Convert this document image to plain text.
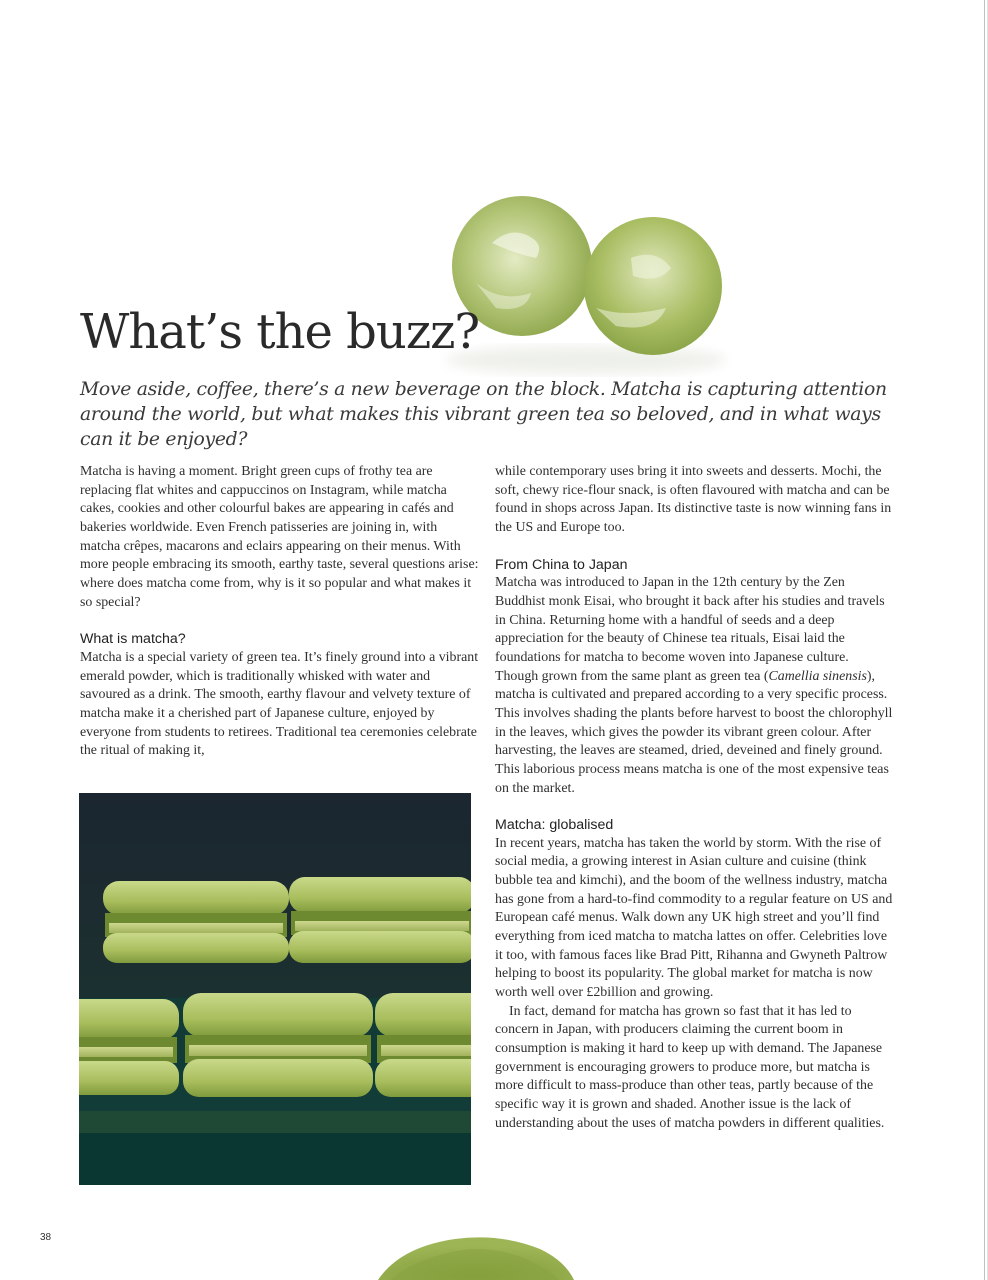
What’s the buzz?

Move aside, coffee, there’s a new beverage on the block. Matcha is capturing attention around the world, but what makes this vibrant green tea so beloved, and in what ways can it be enjoyed?

Matcha is having a moment. Bright green cups of frothy tea are replacing flat whites and cappuccinos on Instagram, while matcha cakes, cookies and other colourful bakes are appearing in cafés and bakeries worldwide. Even French patisseries are joining in, with matcha crêpes, macarons and eclairs appearing on their menus. With more people embracing its smooth, earthy taste, several questions arise: where does matcha come from, why is it so popular and what makes it so special?

What is matcha?

Matcha is a special variety of green tea. It’s finely ground into a vibrant emerald powder, which is traditionally whisked with water and savoured as a drink. The smooth, earthy flavour and velvety texture of matcha make it a cherished part of Japanese culture, enjoyed by everyone from students to retirees. Traditional tea ceremonies celebrate the ritual of making it,

while contemporary uses bring it into sweets and desserts. Mochi, the soft, chewy rice-flour snack, is often flavoured with matcha and can be found in shops across Japan. Its distinctive taste is now winning fans in the US and Europe too.

From China to Japan

Matcha was introduced to Japan in the 12th century by the Zen Buddhist monk Eisai, who brought it back after his studies and travels in China. Returning home with a handful of seeds and a deep appreciation for the beauty of Chinese tea rituals, Eisai laid the foundations for matcha to become woven into Japanese culture. Though grown from the same plant as green tea (Camellia sinensis), matcha is cultivated and prepared according to a very specific process. This involves shading the plants before harvest to boost the chlorophyll in the leaves, which gives the powder its vibrant green colour. After harvesting, the leaves are steamed, dried, deveined and finely ground. This laborious process means matcha is one of the most expensive teas on the market.

Matcha: globalised

In recent years, matcha has taken the world by storm. With the rise of social media, a growing interest in Asian culture and cuisine (think bubble tea and kimchi), and the boom of the wellness industry, matcha has gone from a hard-to-find commodity to a regular feature on US and European café menus. Walk down any UK high street and you’ll find everything from iced matcha to matcha lattes on offer. Celebrities love it too, with famous faces like Brad Pitt, Rihanna and Gwyneth Paltrow helping to boost its popularity. The global market for matcha is now worth well over £2billion and growing.

In fact, demand for matcha has grown so fast that it has led to concern in Japan, with producers claiming the current boom in consumption is making it hard to keep up with demand. The Japanese government is encouraging growers to produce more, but matcha is more difficult to mass-produce than other teas, partly because of the specific way it is grown and shaded. Another issue is the lack of understanding about the uses of matcha powders in different qualities.

38
